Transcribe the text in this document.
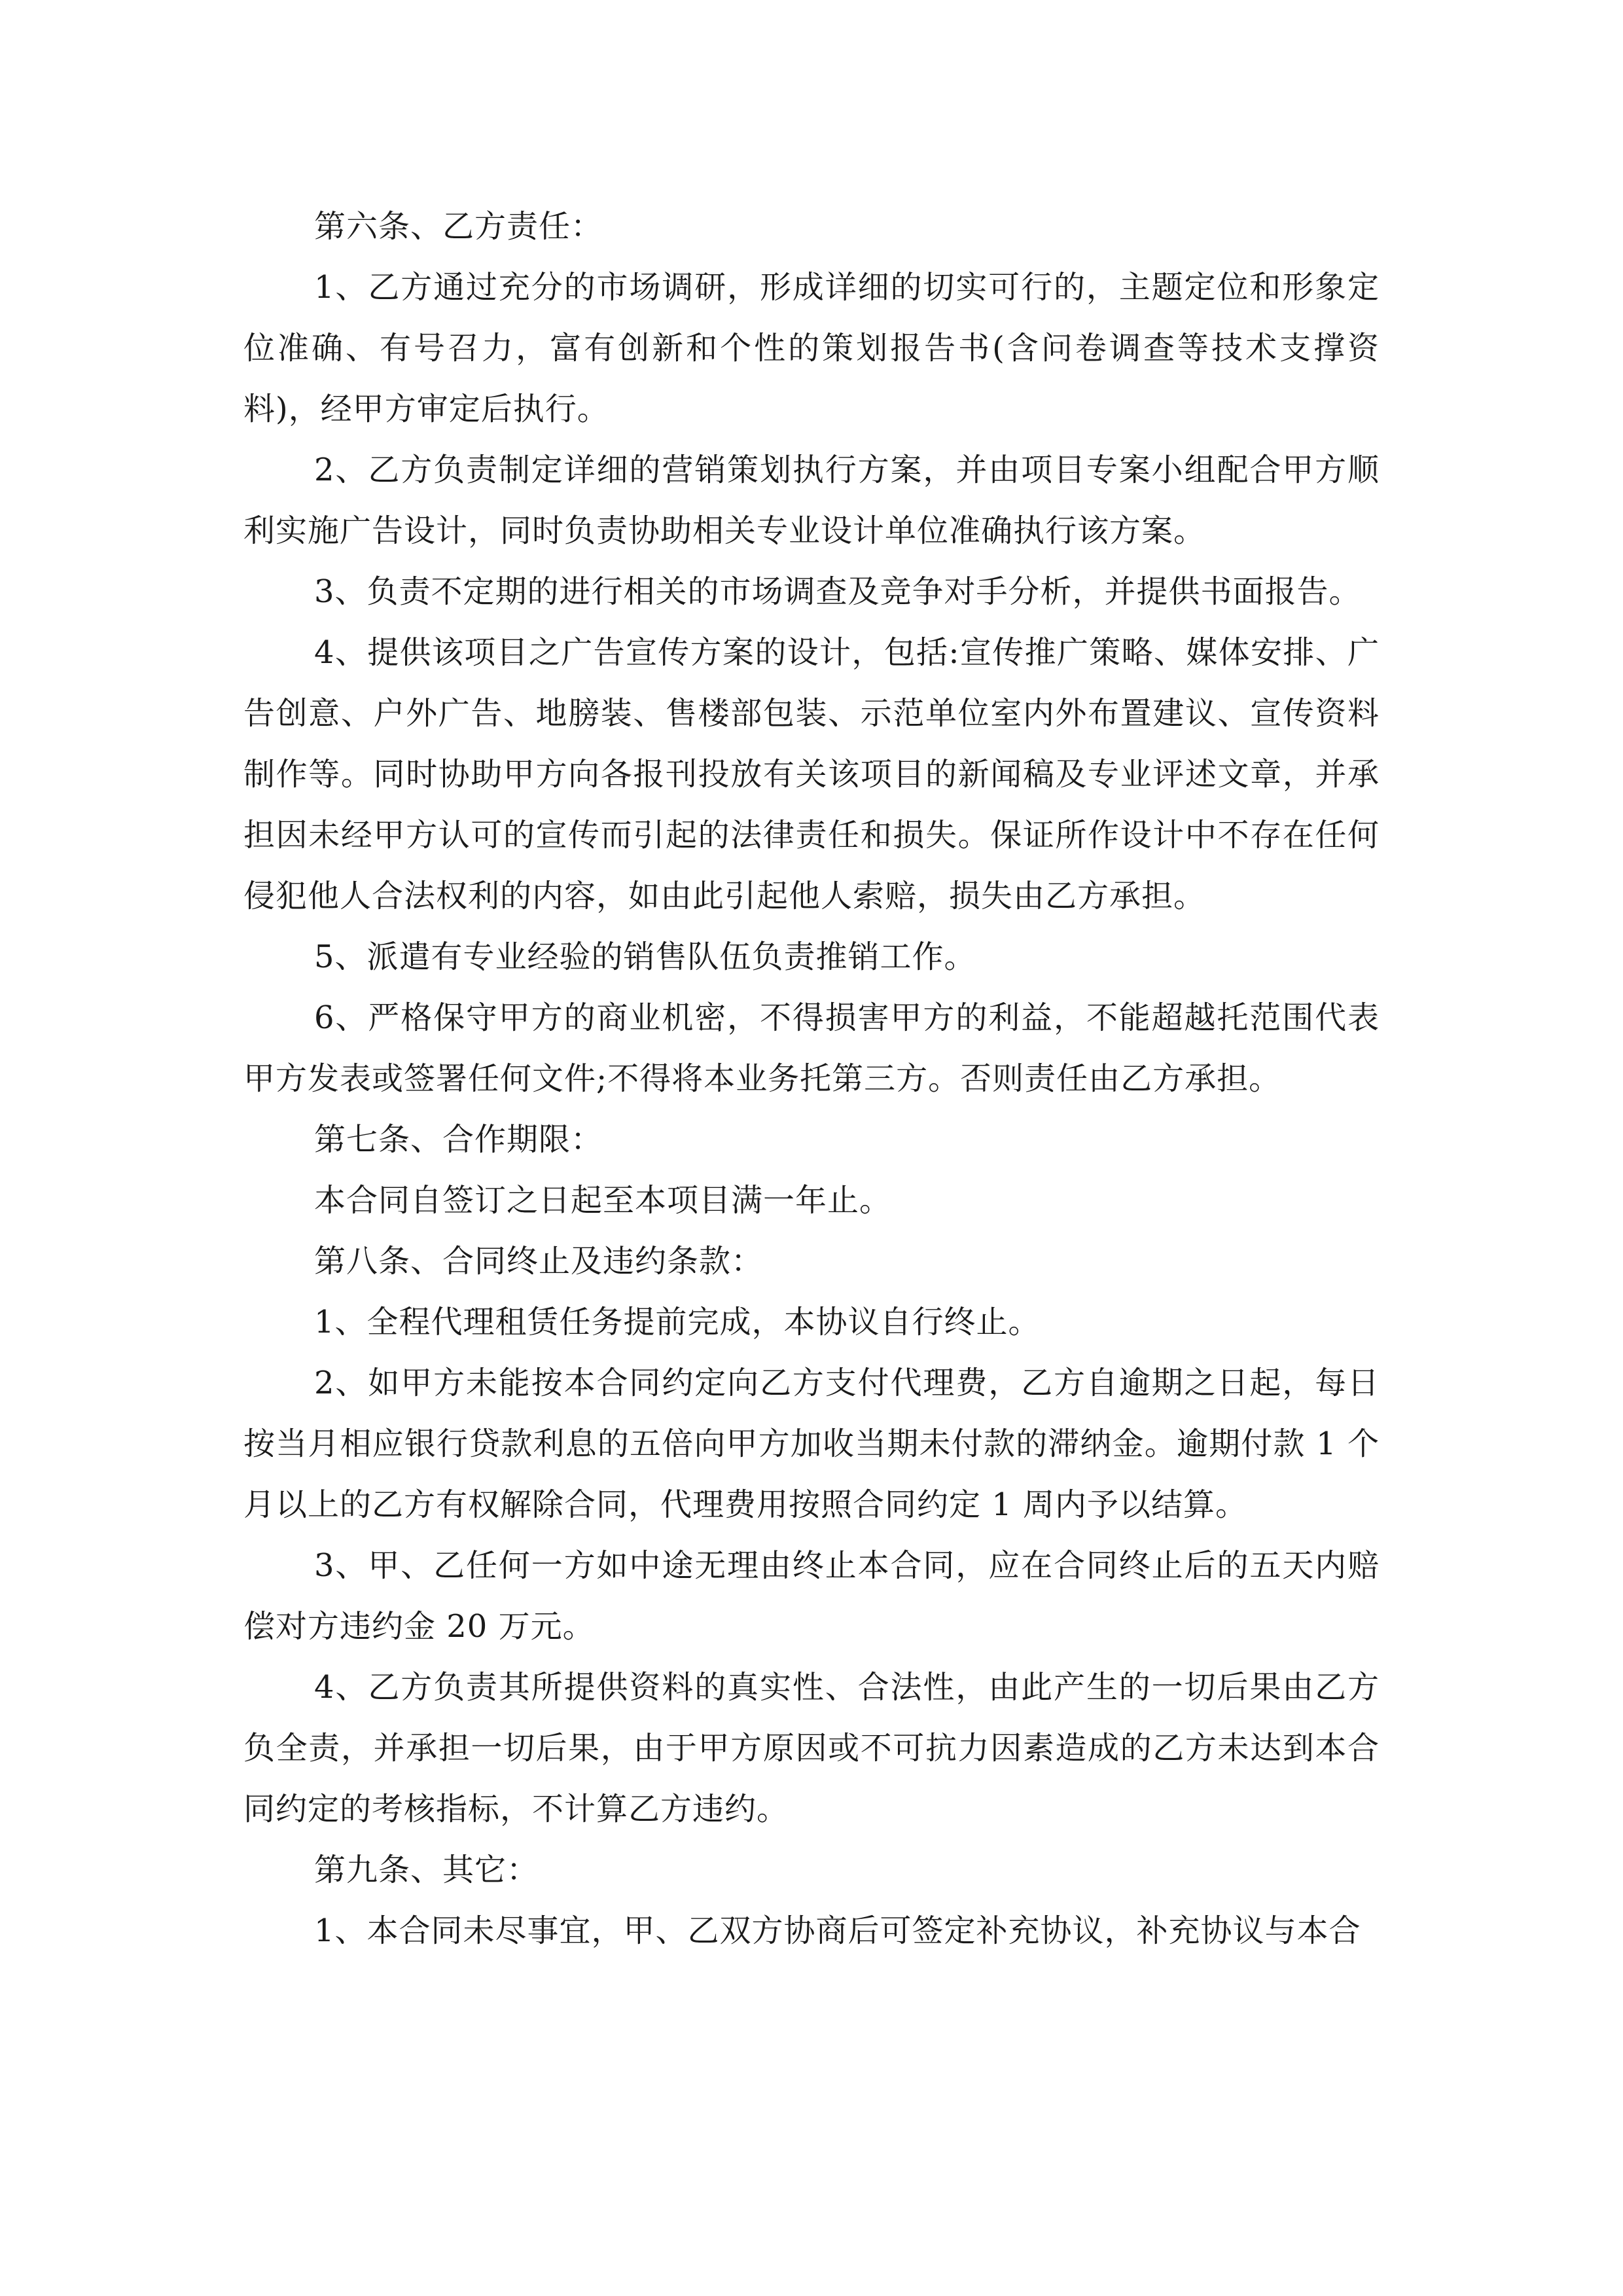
第六条、乙方责任：

1、乙方通过充分的市场调研，形成详细的切实可行的，主题定位和形象定位准确、有号召力，富有创新和个性的策划报告书(含问卷调查等技术支撑资料)，经甲方审定后执行。

2、乙方负责制定详细的营销策划执行方案，并由项目专案小组配合甲方顺利实施广告设计，同时负责协助相关专业设计单位准确执行该方案。

3、负责不定期的进行相关的市场调查及竞争对手分析，并提供书面报告。

4、提供该项目之广告宣传方案的设计，包括:宣传推广策略、媒体安排、广告创意、户外广告、地膀装、售楼部包装、示范单位室内外布置建议、宣传资料制作等。同时协助甲方向各报刊投放有关该项目的新闻稿及专业评述文章，并承担因未经甲方认可的宣传而引起的法律责任和损失。保证所作设计中不存在任何侵犯他人合法权利的内容，如由此引起他人索赔，损失由乙方承担。

5、派遣有专业经验的销售队伍负责推销工作。

6、严格保守甲方的商业机密，不得损害甲方的利益，不能超越托范围代表甲方发表或签署任何文件;不得将本业务托第三方。否则责任由乙方承担。

第七条、合作期限：

本合同自签订之日起至本项目满一年止。

第八条、合同终止及违约条款：

1、全程代理租赁任务提前完成，本协议自行终止。

2、如甲方未能按本合同约定向乙方支付代理费，乙方自逾期之日起，每日按当月相应银行贷款利息的五倍向甲方加收当期未付款的滞纳金。逾期付款 1 个月以上的乙方有权解除合同，代理费用按照合同约定 1 周内予以结算。

3、甲、乙任何一方如中途无理由终止本合同，应在合同终止后的五天内赔偿对方违约金 20 万元。

4、乙方负责其所提供资料的真实性、合法性，由此产生的一切后果由乙方负全责，并承担一切后果，由于甲方原因或不可抗力因素造成的乙方未达到本合同约定的考核指标，不计算乙方违约。

第九条、其它：

1、本合同未尽事宜，甲、乙双方协商后可签定补充协议，补充协议与本合
